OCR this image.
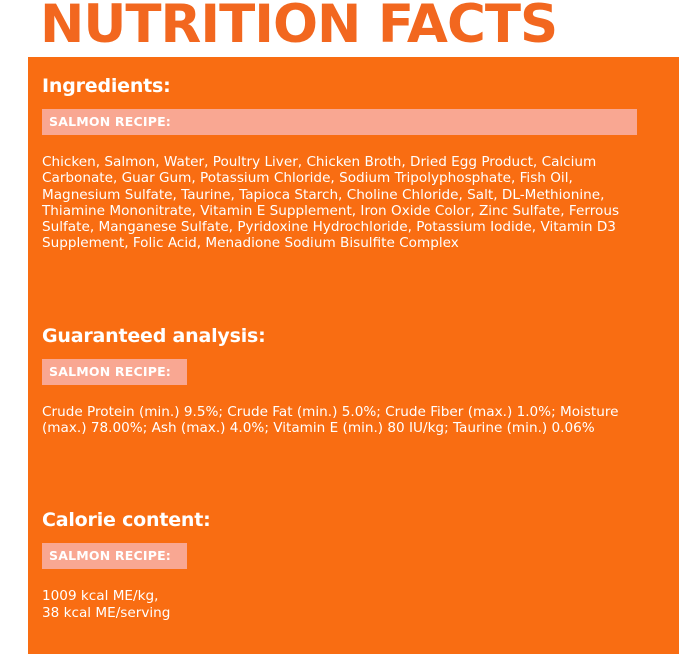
NUTRITION FACTS
Ingredients:
SALMON RECIPE:
Chicken, Salmon, Water, Poultry Liver, Chicken Broth, Dried Egg Product, Calcium Carbonate, Guar Gum, Potassium Chloride, Sodium Tripolyphosphate, Fish Oil, Magnesium Sulfate, Taurine, Tapioca Starch, Choline Chloride, Salt, DL-Methionine, Thiamine Mononitrate, Vitamin E Supplement, Iron Oxide Color, Zinc Sulfate, Ferrous Sulfate, Manganese Sulfate, Pyridoxine Hydrochloride, Potassium Iodide, Vitamin D3 Supplement, Folic Acid, Menadione Sodium Bisulfite Complex
Guaranteed analysis:
SALMON RECIPE:
Crude Protein (min.) 9.5%; Crude Fat (min.) 5.0%; Crude Fiber (max.) 1.0%; Moisture (max.) 78.00%; Ash (max.) 4.0%; Vitamin E (min.) 80 IU/kg; Taurine (min.) 0.06%
Calorie content:
SALMON RECIPE:
1009 kcal ME/kg,
38 kcal ME/serving
